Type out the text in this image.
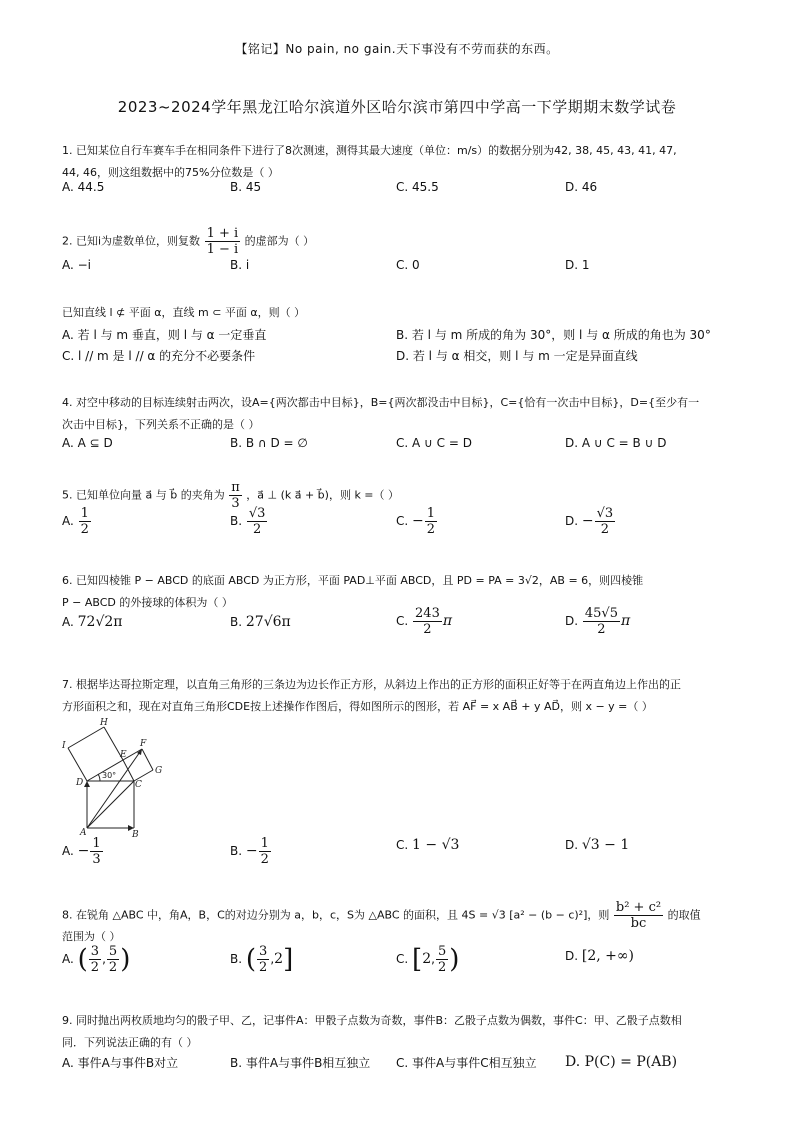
【铭记】No pain, no gain.天下事没有不劳而获的东西。
2023~2024学年黑龙江哈尔滨道外区哈尔滨市第四中学高一下学期期末数学试卷
1. 已知某位自行车赛车手在相同条件下进行了8次测速，测得其最大速度（单位：m/s）的数据分别为42, 38, 45, 43, 41, 47,
44, 46，则这组数据中的75%分位数是（ ）
A. 44.5	B. 45	C. 45.5	D. 46
2. 已知i为虚数单位，则复数 $\frac{1 + i}{1 - i}$ 的虚部为（ ）
A. −i	B. i	C. 0	D. 1
已知直线 l ⊄ 平面 α，直线 m ⊂ 平面 α，则（ ）
A. 若 l 与 m 垂直，则 l 与 α 一定垂直	B. 若 l 与 m 所成的角为 30°，则 l 与 α 所成的角也为 30°
C. l // m 是 l // α 的充分不必要条件	D. 若 l 与 α 相交，则 l 与 m 一定是异面直线
4. 对空中移动的目标连续射击两次，设A={两次都击中目标}，B={两次都没击中目标}，C={恰有一次击中目标}，D={至少有一
次击中目标}，下列关系不正确的是（ ）
A. A ⊆ D	B. B ∩ D = ∅	C. A ∪ C = D	D. A ∪ C = B ∪ D
5. 已知单位向量 a⃗ 与 b⃗ 的夹角为 $\frac{\pi}{3}$ ，a⃗ ⊥ (k a⃗ + b⃗)，则 k =（ ）
A. $\frac{1}{2}$	B. $\frac{√3}{2}$	C. − $\frac{1}{2}$	D. − $\frac{√3}{2}$
6. 已知四棱锥 P − ABCD 的底面 ABCD 为正方形，平面 PAD⊥平面 ABCD，且 PD = PA = 3√2，AB = 6，则四棱锥
P − ABCD 的外接球的体积为（ ）
A. 72√2π	B. 27√6π	C. $\frac{243}{2}$ π	D. $\frac{45√5}{2}$ π
7. 根据毕达哥拉斯定理，以直角三角形的三条边为边长作正方形，从斜边上作出的正方形的面积正好等于在两直角边上作出的正
方形面积之和，现在对直角三角形CDE按上述操作作图后，得如图所示的图形，若 AF⃗ = x AB⃗ + y AD⃗，则 x − y =（ ）
H
I
E
F
D	C
G
A	B
30°
A. − $\frac{1}{3}$	B. − $\frac{1}{2}$	C. 1 − √3	D. √3 − 1
8. 在锐角 △ABC 中，角A，B，C的对边分别为 a，b，c，S为 △ABC 的面积，且 4S = √3 [a² − (b − c)²]，则 $\frac{\text{b² + c²}}{bc}$ 的取值
范围为（ ）
A. ( $\frac{3}{2}$ , $\frac{5}{2}$ )	B. ( $\frac{3}{2} ,2$]	C. [2, $\frac{5}{2}$ )	D. [2, +∞)
9. 同时抛出两枚质地均匀的骰子甲、乙，记事件A：甲骰子点数为奇数，事件B：乙骰子点数为偶数，事件C：甲、乙骰子点数相
同．下列说法正确的有（ ）
A. 事件A与事件B对立	B. 事件A与事件B相互独立 C. 事件A与事件C相互独立 D. P(C) = P(AB)
